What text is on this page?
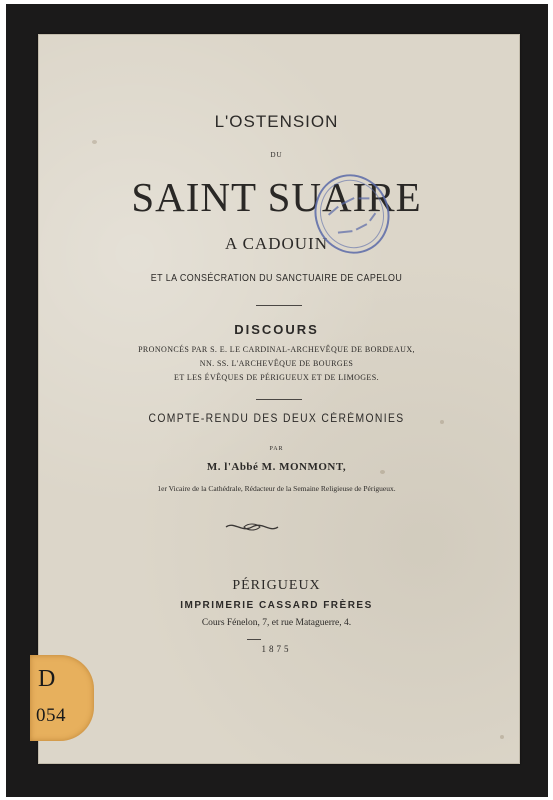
L'OSTENSION
DU
SAINT SUAIRE
A CADOUIN
ET LA CONSÉCRATION DU SANCTUAIRE DE CAPELOU
DISCOURS
PRONONCÉS PAR S. E. LE CARDINAL-ARCHEVÊQUE DE BORDEAUX,
NN. SS. L'ARCHEVÊQUE DE BOURGES
ET LES ÉVÊQUES DE PÉRIGUEUX ET DE LIMOGES.
COMPTE-RENDU DES DEUX CÉRÉMONIES
PAR
M. l'Abbé M. MONMONT,
1er Vicaire de la Cathédrale, Rédacteur de la Semaine Religieuse de Périgueux.
PÉRIGUEUX
IMPRIMERIE CASSARD FRÈRES
Cours Fénelon, 7, et rue Mataguerre, 4.
1875
D
054
